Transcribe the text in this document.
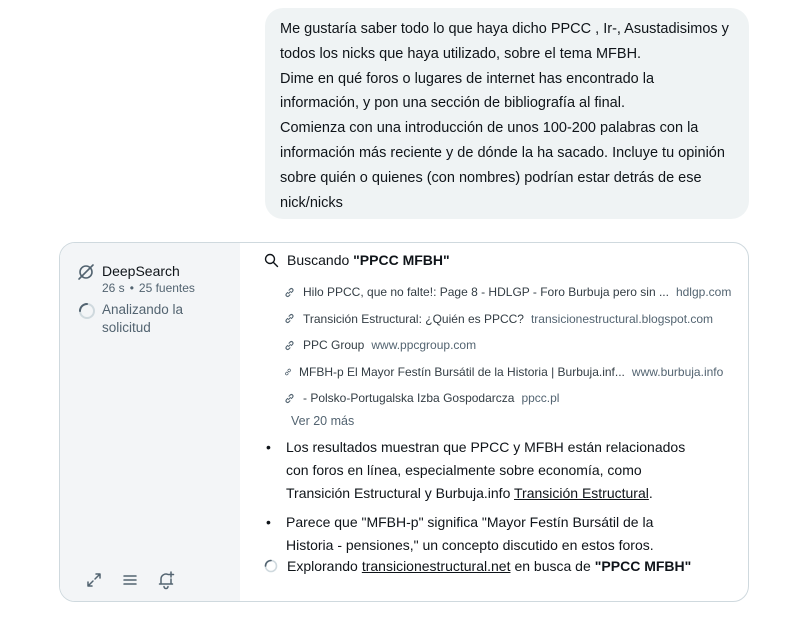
Me gustaría saber todo lo que haya dicho PPCC , Ir-, Asustadisimos y

todos los nicks que haya utilizado, sobre el tema MFBH.

Dime en qué foros o lugares de internet has encontrado la

información, y pon una sección de bibliografía al final.

Comienza con una introducción de unos 100-200 palabras con la

información más reciente y de dónde la ha sacado. Incluye tu opinión

sobre quién o quienes (con nombres) podrían estar detrás de ese

nick/nicks

DeepSearch
26 s • 25 fuentes
Analizando la solicitud
Buscando
"PPCC MFBH"
Hilo PPCC, que no falte!: Page 8 - HDLGP - Foro Burbuja pero sin ... hdlgp.com
Transición Estructural: ¿Quién es PPCC? transicionestructural.blogspot.com
PPC Group www.ppcgroup.com
MFBH-p El Mayor Festín Bursátil de la Historia | Burbuja.inf... www.burbuja.info
- Polsko-Portugalska Izba Gospodarcza ppcc.pl
Ver 20 más
• Los resultados muestran que PPCC y MFBH están relacionados con foros en línea, especialmente sobre economía, como Transición Estructural y Burbuja.info Transición Estructural.
• Parece que "MFBH-p" significa "Mayor Festín Bursátil de la Historia - pensiones," un concepto discutido en estos foros.
Explorando transicionestructural.net en busca de "PPCC MFBH"
